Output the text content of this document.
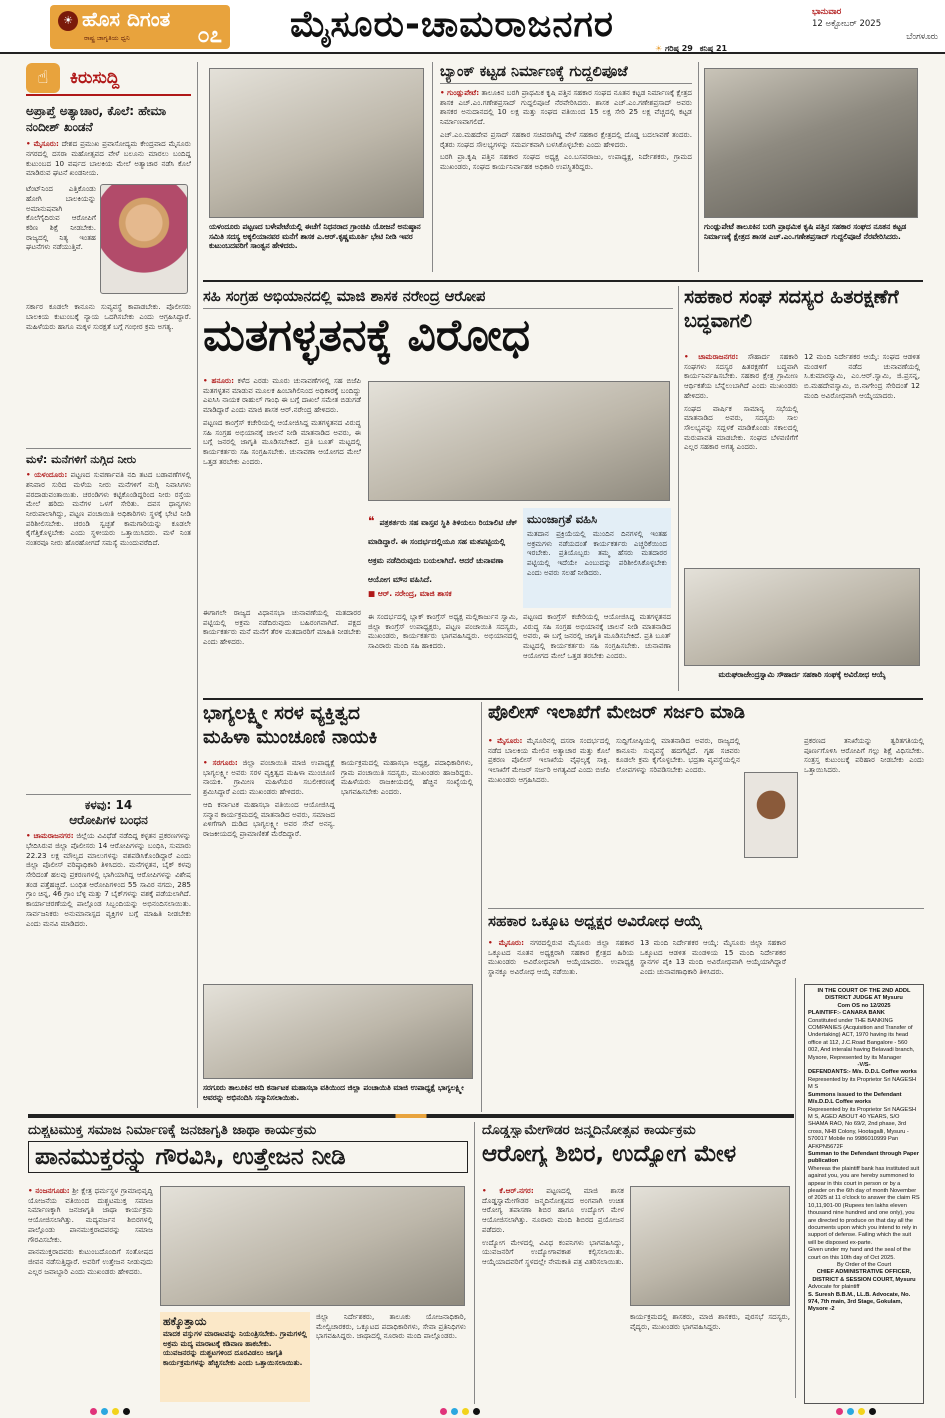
☀ ಹೊಸ ದಿಗಂತ
ರಾಷ್ಟ್ರ ಜಾಗೃತಿಯ ಧ್ವನಿ	೦೭ ಮೈಸೂರು-ಚಾಮರಾಜನಗರ
☀ ಗರಿಷ್ಠ 29 ಕನಿಷ್ಠ 21
ಭಾನುವಾರ
12 ಅಕ್ಟೋಬರ್ 2025
ಬೆಂಗಳೂರು
☝	ಕಿರುಸುದ್ದಿ
ಅಪ್ರಾಪ್ತೆ ಅತ್ಯಾಚಾರ, ಕೊಲೆ: ಹೇಮಾ ನಂದೀಶ್ ಖಂಡನೆ

• ಮೈಸೂರು: ದೇಶದ ಪ್ರಮುಖ ಪ್ರವಾಸೋದ್ಯಮ ಕೇಂದ್ರವಾದ ಮೈಸೂರು ನಗರದಲ್ಲಿ ದಸರಾ ಮಹೋತ್ಸವದ ವೇಳೆ ಬಲೂನು ಮಾರಲು ಬಂದಿದ್ದ ಕುಟುಂಬದ 10 ವರ್ಷದ ಬಾಲಕಿಯ ಮೇಲೆ ಅತ್ಯಾಚಾರ ನಡೆಸಿ ಕೊಲೆ ಮಾಡಿರುವ ಘಟನೆ ಖಂಡನೀಯ.

ಟೆಂಟ್‌ನಿಂದ ಎತ್ತಿಕೊಂಡು ಹೋಗಿ ಬಾಲಕಿಯನ್ನು ಅಮಾನುಷವಾಗಿ ಕೊಲೆಗೈದಿರುವ ಆರೋಪಿಗೆ ಕಠಿಣ ಶಿಕ್ಷೆ ನೀಡಬೇಕು. ರಾಜ್ಯದಲ್ಲಿ ನಿತ್ಯ ಇಂತಹ ಘಟನೆಗಳು ನಡೆಯುತ್ತಿವೆ.
ಸರ್ಕಾರ ಕೂಡಲೇ ಕಾನೂನು ಸುವ್ಯವಸ್ಥೆ ಕಾಪಾಡಬೇಕು. ಪೊಲೀಸರು ಬಾಲಕಿಯ ಕುಟುಂಬಕ್ಕೆ ನ್ಯಾಯ ಒದಗಿಸಬೇಕು ಎಂದು ಆಗ್ರಹಿಸಿದ್ದಾರೆ. ಮಹಿಳೆಯರು ಹಾಗೂ ಮಕ್ಕಳ ಸುರಕ್ಷತೆ ಬಗ್ಗೆ ಗಂಭೀರ ಕ್ರಮ ಅಗತ್ಯ.
ಮಳೆ: ಮನೆಗಳಿಗೆ ನುಗ್ಗಿದ ನೀರು

• ಯಳಂದೂರು: ಪಟ್ಟಣದ ಸುವರ್ಣಾವತಿ ನದಿ ತಟದ ಬಡಾವಣೆಗಳಲ್ಲಿ ಶನಿವಾರ ಸುರಿದ ಮಳೆಯ ನೀರು ಮನೆಗಳಿಗೆ ನುಗ್ಗಿ ನಿವಾಸಿಗಳು ಪರದಾಡುವಂತಾಯಿತು. ಚರಂಡಿಗಳು ಕಟ್ಟಿಕೊಂಡಿದ್ದರಿಂದ ನೀರು ರಸ್ತೆಯ ಮೇಲೆ ಹರಿದು ಮನೆಗಳ ಒಳಗೆ ಸೇರಿತು. ದವಸ ಧಾನ್ಯಗಳು ನೀರುಪಾಲಾಗಿದ್ದು, ಪಟ್ಟಣ ಪಂಚಾಯಿತಿ ಅಧಿಕಾರಿಗಳು ಸ್ಥಳಕ್ಕೆ ಭೇಟಿ ನೀಡಿ ಪರಿಶೀಲಿಸಬೇಕು. ಚರಂಡಿ ಸ್ವಚ್ಛತೆ ಕಾಮಗಾರಿಯನ್ನು ಕೂಡಲೇ ಕೈಗೆತ್ತಿಕೊಳ್ಳಬೇಕು ಎಂದು ಸ್ಥಳೀಯರು ಒತ್ತಾಯಿಸಿದರು. ಮಳೆ ನಿಂತ ನಂತರವೂ ನೀರು ಹೊರಹೋಗದೆ ಸಮಸ್ಯೆ ಮುಂದುವರೆದಿದೆ.

ಕಳವು: 14
ಆರೋಪಿಗಳ ಬಂಧನ

• ಚಾಮರಾಜನಗರ: ಜಿಲ್ಲೆಯ ವಿವಿಧೆಡೆ ನಡೆದಿದ್ದ ಕಳ್ಳತನ ಪ್ರಕರಣಗಳನ್ನು ಭೇದಿಸಿರುವ ಜಿಲ್ಲಾ ಪೊಲೀಸರು 14 ಆರೋಪಿಗಳನ್ನು ಬಂಧಿಸಿ, ಸುಮಾರು 22.23 ಲಕ್ಷ ಮೌಲ್ಯದ ಮಾಲುಗಳನ್ನು ವಶಪಡಿಸಿಕೊಂಡಿದ್ದಾರೆ ಎಂದು ಜಿಲ್ಲಾ ಪೊಲೀಸ್ ವರಿಷ್ಠಾಧಿಕಾರಿ ತಿಳಿಸಿದರು. ಮನೆಗಳ್ಳತನ, ಬೈಕ್ ಕಳವು ಸೇರಿದಂತೆ ಹಲವು ಪ್ರಕರಣಗಳಲ್ಲಿ ಭಾಗಿಯಾಗಿದ್ದ ಆರೋಪಿಗಳನ್ನು ವಿಶೇಷ ತಂಡ ಪತ್ತೆಹಚ್ಚಿದೆ. ಬಂಧಿತ ಆರೋಪಿಗಳಿಂದ 55 ಸಾವಿರ ನಗದು, 285 ಗ್ರಾಂ ಚಿನ್ನ, 46 ಗ್ರಾಂ ಬೆಳ್ಳಿ ಮತ್ತು 7 ಬೈಕ್‌ಗಳನ್ನು ವಶಕ್ಕೆ ಪಡೆಯಲಾಗಿದೆ. ಕಾರ್ಯಾಚರಣೆಯಲ್ಲಿ ಪಾಲ್ಗೊಂಡ ಸಿಬ್ಬಂದಿಯನ್ನು ಅಭಿನಂದಿಸಲಾಯಿತು. ಸಾರ್ವಜನಿಕರು ಅನುಮಾನಾಸ್ಪದ ವ್ಯಕ್ತಿಗಳ ಬಗ್ಗೆ ಮಾಹಿತಿ ನೀಡಬೇಕು ಎಂದು ಮನವಿ ಮಾಡಿದರು.

ಯಳಂದೂರು ಪಟ್ಟಣದ ಬಳೇಪೇಟೆಯಲ್ಲಿ ಈಚೆಗೆ ನಿಧನರಾದ ಗ್ರಾಂಚಿಪಿ ಯೋಜನೆ ಅನುಷ್ಠಾನ ಸಮಿತಿ ಸದಸ್ಯ ಅಕ್ಕಲಿಯಾನವರ ಮನೆಗೆ ಶಾಸಕ ಎ.ಆರ್.ಕೃಷ್ಣಮೂರ್ತಿ ಭೇಟಿ ನೀಡಿ ಇವರ ಕುಟುಂಬದವರಿಗೆ ಸಾಂತ್ವನ ಹೇಳಿದರು.
ಬ್ಯಾಂಕ್ ಕಟ್ಟಡ ನಿರ್ಮಾಣಕ್ಕೆ ಗುದ್ದಲಿಪೂಜೆ

• ಗುಂಡ್ಲುಪೇಟೆ: ತಾಲೂಕಿನ ಬರಗಿ ಪ್ರಾಥಮಿಕ ಕೃಷಿ ಪತ್ತಿನ ಸಹಕಾರ ಸಂಘದ ನೂತನ ಕಟ್ಟಡ ನಿರ್ಮಾಣಕ್ಕೆ ಕ್ಷೇತ್ರದ ಶಾಸಕ ಎಚ್.ಎಂ.ಗಣೇಶಪ್ರಸಾದ್ ಗುದ್ದಲಿಪೂಜೆ ನೆರವೇರಿಸಿದರು. ಶಾಸಕ ಎಚ್.ಎಂ.ಗಣೇಶಪ್ರಸಾದ್ ಅವರು ಶಾಸಕರ ಅನುದಾನದಲ್ಲಿ 10 ಲಕ್ಷ ಮತ್ತು ಸಂಘದ ವತಿಯಿಂದ 15 ಲಕ್ಷ ಸೇರಿ 25 ಲಕ್ಷ ವೆಚ್ಚದಲ್ಲಿ ಕಟ್ಟಡ ನಿರ್ಮಾಣವಾಗಲಿದೆ.

ಎಚ್.ಎಂ.ಮಹದೇವ ಪ್ರಸಾದ್ ಸಹಕಾರ ಸಚಿವರಾಗಿದ್ದ ವೇಳೆ ಸಹಕಾರ ಕ್ಷೇತ್ರದಲ್ಲಿ ದೊಡ್ಡ ಬದಲಾವಣೆ ತಂದರು. ರೈತರು ಸಂಘದ ಸೌಲಭ್ಯಗಳನ್ನು ಸಮರ್ಪಕವಾಗಿ ಬಳಸಿಕೊಳ್ಳಬೇಕು ಎಂದು ಹೇಳಿದರು.

ಬರಗಿ ಪ್ರಾ.ಕೃಷಿ ಪತ್ತಿನ ಸಹಕಾರ ಸಂಘದ ಅಧ್ಯಕ್ಷ ಎಂ.ಬಸವರಾಜು, ಉಪಾಧ್ಯಕ್ಷ, ನಿರ್ದೇಶಕರು, ಗ್ರಾಮದ ಮುಖಂಡರು, ಸಂಘದ ಕಾರ್ಯನಿರ್ವಾಹಕ ಅಧಿಕಾರಿ ಉಪಸ್ಥಿತರಿದ್ದರು.

ಗುಂಡ್ಲುಪೇಟೆ ತಾಲೂಕಿನ ಬರಗಿ ಪ್ರಾಥಮಿಕ ಕೃಷಿ ಪತ್ತಿನ ಸಹಕಾರ ಸಂಘದ ನೂತನ ಕಟ್ಟಡ ನಿರ್ಮಾಣಕ್ಕೆ ಕ್ಷೇತ್ರದ ಶಾಸಕ ಎಚ್.ಎಂ.ಗಣೇಶಪ್ರಸಾದ್ ಗುದ್ದಲಿಪೂಜೆ ನೆರವೇರಿಸಿದರು.
ಸಹಿ ಸಂಗ್ರಹ ಅಭಿಯಾನದಲ್ಲಿ ಮಾಜಿ ಶಾಸಕ ನರೇಂದ್ರ ಆರೋಪ
ಮತಗಳ್ಳತನಕ್ಕೆ ವಿರೋಧ

• ಹನೂರು: ಕಳೆದ ಎರಡು ಮೂರು ಚುನಾವಣೆಗಳಲ್ಲಿ ಸಹ ಬಿಜೆಪಿ ಮತಗಳ್ಳತನ ಮಾಡುವ ಮೂಲಕ ಹಿಂಬಾಗಿಲಿನಿಂದ ಅಧಿಕಾರಕ್ಕೆ ಬಂದಿದ್ದು ಎಐಸಿಸಿ ನಾಯಕ ರಾಹುಲ್ ಗಾಂಧಿ ಈ ಬಗ್ಗೆ ದಾಖಲೆ ಸಮೇತ ಬಿಡುಗಡೆ ಮಾಡಿದ್ದಾರೆ ಎಂದು ಮಾಜಿ ಶಾಸಕ ಆರ್.ನರೇಂದ್ರ ಹೇಳಿದರು.

ಪಟ್ಟಣದ ಕಾಂಗ್ರೆಸ್ ಕಚೇರಿಯಲ್ಲಿ ಆಯೋಜಿಸಿದ್ದ ಮತಗಳ್ಳತನದ ವಿರುದ್ಧ ಸಹಿ ಸಂಗ್ರಹ ಅಭಿಯಾನಕ್ಕೆ ಚಾಲನೆ ನೀಡಿ ಮಾತನಾಡಿದ ಅವರು, ಈ ಬಗ್ಗೆ ಜನರಲ್ಲಿ ಜಾಗೃತಿ ಮೂಡಿಸಬೇಕಿದೆ. ಪ್ರತಿ ಬೂತ್ ಮಟ್ಟದಲ್ಲಿ ಕಾರ್ಯಕರ್ತರು ಸಹಿ ಸಂಗ್ರಹಿಸಬೇಕು. ಚುನಾವಣಾ ಆಯೋಗದ ಮೇಲೆ ಒತ್ತಡ ತರಬೇಕು ಎಂದರು.

❝ ಪತ್ರಕರ್ತರು ಸಹ ವಾಸ್ತವ ಸ್ಥಿತಿ ತಿಳಿಯಲು ರಿಯಾಲಿಟಿ ಚೆಕ್ ಮಾಡಿದ್ದಾರೆ. ಈ ಸಂದರ್ಭದಲ್ಲಿಯೂ ಸಹ ಮತಪಟ್ಟಿಯಲ್ಲಿ ಅಕ್ರಮ ನಡೆದಿರುವುದು ಬಯಲಾಗಿದೆ. ಆದರೆ ಚುನಾವಣಾ ಆಯೋಗ ಮೌನ ವಹಿಸಿದೆ.
■ ಆರ್. ನರೇಂದ್ರ, ಮಾಜಿ ಶಾಸಕ
ಮುಂಜಾಗ್ರತೆ ವಹಿಸಿ
ಮತದಾನ ಪ್ರಕ್ರಿಯೆಯಲ್ಲಿ ಮುಂದಿನ ದಿನಗಳಲ್ಲಿ ಇಂತಹ ಅಕ್ರಮಗಳು ನಡೆಯದಂತೆ ಕಾರ್ಯಕರ್ತರು ಎಚ್ಚರಿಕೆಯಿಂದ ಇರಬೇಕು. ಪ್ರತಿಯೊಬ್ಬರು ತಮ್ಮ ಹೆಸರು ಮತದಾರರ ಪಟ್ಟಿಯಲ್ಲಿ ಇದೆಯೇ ಎಂಬುದನ್ನು ಪರಿಶೀಲಿಸಿಕೊಳ್ಳಬೇಕು ಎಂದು ಅವರು ಸಲಹೆ ನೀಡಿದರು.
ಈಗಾಗಲೇ ರಾಜ್ಯದ ವಿಧಾನಸಭಾ ಚುನಾವಣೆಯಲ್ಲಿ ಮತದಾರರ ಪಟ್ಟಿಯಲ್ಲಿ ಅಕ್ರಮ ನಡೆದಿರುವುದು ಬಹಿರಂಗವಾಗಿದೆ. ಪಕ್ಷದ ಕಾರ್ಯಕರ್ತರು ಮನೆ ಮನೆಗೆ ತೆರಳಿ ಮತದಾರರಿಗೆ ಮಾಹಿತಿ ನೀಡಬೇಕು ಎಂದು ಹೇಳಿದರು.
ಈ ಸಂದರ್ಭದಲ್ಲಿ ಬ್ಲಾಕ್ ಕಾಂಗ್ರೆಸ್ ಅಧ್ಯಕ್ಷ ಮಲ್ಲಿಕಾರ್ಜುನ ಸ್ವಾಮಿ, ಜಿಲ್ಲಾ ಕಾಂಗ್ರೆಸ್ ಉಪಾಧ್ಯಕ್ಷರು, ಪಟ್ಟಣ ಪಂಚಾಯಿತಿ ಸದಸ್ಯರು, ಮುಖಂಡರು, ಕಾರ್ಯಕರ್ತರು ಭಾಗವಹಿಸಿದ್ದರು. ಅಭಿಯಾನದಲ್ಲಿ ಸಾವಿರಾರು ಮಂದಿ ಸಹಿ ಹಾಕಿದರು.
ಪಟ್ಟಣದ ಕಾಂಗ್ರೆಸ್ ಕಚೇರಿಯಲ್ಲಿ ಆಯೋಜಿಸಿದ್ದ ಮತಗಳ್ಳತನದ ವಿರುದ್ಧ ಸಹಿ ಸಂಗ್ರಹ ಅಭಿಯಾನಕ್ಕೆ ಚಾಲನೆ ನೀಡಿ ಮಾತನಾಡಿದ ಅವರು, ಈ ಬಗ್ಗೆ ಜನರಲ್ಲಿ ಜಾಗೃತಿ ಮೂಡಿಸಬೇಕಿದೆ. ಪ್ರತಿ ಬೂತ್ ಮಟ್ಟದಲ್ಲಿ ಕಾರ್ಯಕರ್ತರು ಸಹಿ ಸಂಗ್ರಹಿಸಬೇಕು. ಚುನಾವಣಾ ಆಯೋಗದ ಮೇಲೆ ಒತ್ತಡ ತರಬೇಕು ಎಂದರು.
ಸಹಕಾರ ಸಂಘ ಸದಸ್ಯರ ಹಿತರಕ್ಷಣೆಗೆ ಬದ್ಧವಾಗಲಿ

• ಚಾಮರಾಜನಗರ: ಸೌಹಾರ್ದ ಸಹಕಾರಿ ಸಂಘಗಳು ಸದಸ್ಯರ ಹಿತರಕ್ಷಣೆಗೆ ಬದ್ಧವಾಗಿ ಕಾರ್ಯನಿರ್ವಹಿಸಬೇಕು. ಸಹಕಾರ ಕ್ಷೇತ್ರ ಗ್ರಾಮೀಣ ಆರ್ಥಿಕತೆಯ ಬೆನ್ನೆಲುಬಾಗಿದೆ ಎಂದು ಮುಖಂಡರು ಹೇಳಿದರು.

ಸಂಘದ ವಾರ್ಷಿಕ ಸಾಮಾನ್ಯ ಸಭೆಯಲ್ಲಿ ಮಾತನಾಡಿದ ಅವರು, ಸದಸ್ಯರು ಸಾಲ ಸೌಲಭ್ಯವನ್ನು ಸದ್ಬಳಕೆ ಮಾಡಿಕೊಂಡು ಸಕಾಲದಲ್ಲಿ ಮರುಪಾವತಿ ಮಾಡಬೇಕು. ಸಂಘದ ಬೆಳವಣಿಗೆಗೆ ಎಲ್ಲರ ಸಹಕಾರ ಅಗತ್ಯ ಎಂದರು.

12 ಮಂದಿ ನಿರ್ದೇಶಕರ ಆಯ್ಕೆ: ಸಂಘದ ಆಡಳಿತ ಮಂಡಳಿಗೆ ನಡೆದ ಚುನಾವಣೆಯಲ್ಲಿ ಸಿ.ಕುಮಾರಸ್ವಾಮಿ, ಎಂ.ಆರ್.ಸ್ವಾಮಿ, ಜಿ.ಪ್ರಸನ್ನ, ಬಿ.ಮಹದೇವಸ್ವಾಮಿ, ಬಿ.ನಾಗೇಂದ್ರ ಸೇರಿದಂತೆ 12 ಮಂದಿ ಅವಿರೋಧವಾಗಿ ಆಯ್ಕೆಯಾದರು.
ಮರುಘರಾಜೇಂದ್ರಸ್ವಾಮಿ ಸೌಹಾರ್ದ ಸಹಕಾರಿ ಸಂಘಕ್ಕೆ ಅವಿರೋಧ ಆಯ್ಕೆ
ಭಾಗ್ಯಲಕ್ಷ್ಮೀ ಸರಳ ವ್ಯಕ್ತಿತ್ವದ
ಮಹಿಳಾ ಮುಂಚೂಣಿ ನಾಯಕಿ

• ಸರಗೂರು: ಜಿಲ್ಲಾ ಪಂಚಾಯಿತಿ ಮಾಜಿ ಉಪಾಧ್ಯಕ್ಷೆ ಭಾಗ್ಯಲಕ್ಷ್ಮೀ ಅವರು ಸರಳ ವ್ಯಕ್ತಿತ್ವದ ಮಹಿಳಾ ಮುಂಚೂಣಿ ನಾಯಕಿ. ಗ್ರಾಮೀಣ ಮಹಿಳೆಯರ ಸಬಲೀಕರಣಕ್ಕೆ ಶ್ರಮಿಸಿದ್ದಾರೆ ಎಂದು ಮುಖಂಡರು ಹೇಳಿದರು.

ಆದಿ ಕರ್ನಾಟಕ ಮಹಾಸಭಾ ವತಿಯಿಂದ ಆಯೋಜಿಸಿದ್ದ ಸನ್ಮಾನ ಕಾರ್ಯಕ್ರಮದಲ್ಲಿ ಮಾತನಾಡಿದ ಅವರು, ಸಮಾಜದ ಏಳಿಗೆಗಾಗಿ ದುಡಿದ ಭಾಗ್ಯಲಕ್ಷ್ಮೀ ಅವರ ಸೇವೆ ಅನನ್ಯ. ರಾಜಕೀಯದಲ್ಲಿ ಪ್ರಾಮಾಣಿಕತೆ ಮೆರೆದಿದ್ದಾರೆ.

ಕಾರ್ಯಕ್ರಮದಲ್ಲಿ ಮಹಾಸಭಾ ಅಧ್ಯಕ್ಷ, ಪದಾಧಿಕಾರಿಗಳು, ಗ್ರಾಮ ಪಂಚಾಯಿತಿ ಸದಸ್ಯರು, ಮುಖಂಡರು ಹಾಜರಿದ್ದರು. ಮಹಿಳೆಯರು ರಾಜಕೀಯದಲ್ಲಿ ಹೆಚ್ಚಿನ ಸಂಖ್ಯೆಯಲ್ಲಿ ಭಾಗವಹಿಸಬೇಕು ಎಂದರು.
ಸರಗೂರು ತಾಲೂಕಿನ ಆದಿ ಕರ್ನಾಟಕ ಮಹಾಸಭಾ ವತಿಯಿಂದ ಜಿಲ್ಲಾ ಪಂಚಾಯಿತಿ ಮಾಜಿ ಉಪಾಧ್ಯಕ್ಷೆ ಭಾಗ್ಯಲಕ್ಷ್ಮೀ ಅವರನ್ನು ಅಭಿನಂದಿಸಿ ಸನ್ಮಾನಿಸಲಾಯಿತು.
ಪೊಲೀಸ್ ಇಲಾಖೆಗೆ ಮೇಜರ್ ಸರ್ಜರಿ ಮಾಡಿ

• ಮೈಸೂರು: ಮೈಸೂರಿನಲ್ಲಿ ದಸರಾ ಸಂದರ್ಭದಲ್ಲಿ ನಡೆದ ಬಾಲಕಿಯ ಮೇಲಿನ ಅತ್ಯಾಚಾರ ಮತ್ತು ಕೊಲೆ ಪ್ರಕರಣ ಪೊಲೀಸ್ ಇಲಾಖೆಯ ವೈಫಲ್ಯಕ್ಕೆ ಸಾಕ್ಷಿ. ಇಲಾಖೆಗೆ ಮೇಜರ್ ಸರ್ಜರಿ ಅಗತ್ಯವಿದೆ ಎಂದು ಬಿಜೆಪಿ ಮುಖಂಡರು ಆಗ್ರಹಿಸಿದರು.

ಸುದ್ದಿಗೋಷ್ಠಿಯಲ್ಲಿ ಮಾತನಾಡಿದ ಅವರು, ರಾಜ್ಯದಲ್ಲಿ ಕಾನೂನು ಸುವ್ಯವಸ್ಥೆ ಹದಗೆಟ್ಟಿದೆ. ಗೃಹ ಸಚಿವರು ಕೂಡಲೇ ಕ್ರಮ ಕೈಗೊಳ್ಳಬೇಕು. ಭದ್ರತಾ ವ್ಯವಸ್ಥೆಯಲ್ಲಿನ ಲೋಪಗಳನ್ನು ಸರಿಪಡಿಸಬೇಕು ಎಂದರು.
ಪ್ರಕರಣದ ತನಿಖೆಯನ್ನು ತ್ವರಿತಗತಿಯಲ್ಲಿ ಪೂರ್ಣಗೊಳಿಸಿ ಆರೋಪಿಗೆ ಗಲ್ಲು ಶಿಕ್ಷೆ ವಿಧಿಸಬೇಕು. ಸಂತ್ರಸ್ತ ಕುಟುಂಬಕ್ಕೆ ಪರಿಹಾರ ನೀಡಬೇಕು ಎಂದು ಒತ್ತಾಯಿಸಿದರು.
ಸಹಕಾರ ಒಕ್ಕೂಟ ಅಧ್ಯಕ್ಷರ ಅವಿರೋಧ ಆಯ್ಕೆ

• ಮೈಸೂರು: ನಗರದಲ್ಲಿರುವ ಮೈಸೂರು ಜಿಲ್ಲಾ ಸಹಕಾರ ಒಕ್ಕೂಟದ ನೂತನ ಅಧ್ಯಕ್ಷರಾಗಿ ಸಹಕಾರ ಕ್ಷೇತ್ರದ ಹಿರಿಯ ಮುಖಂಡರು ಅವಿರೋಧವಾಗಿ ಆಯ್ಕೆಯಾದರು. ಉಪಾಧ್ಯಕ್ಷ ಸ್ಥಾನಕ್ಕೂ ಅವಿರೋಧ ಆಯ್ಕೆ ನಡೆಯಿತು.

13 ಮಂದಿ ನಿರ್ದೇಶಕರ ಆಯ್ಕೆ: ಮೈಸೂರು ಜಿಲ್ಲಾ ಸಹಕಾರ ಒಕ್ಕೂಟದ ಆಡಳಿತ ಮಂಡಳಿಯ 15 ಮಂದಿ ನಿರ್ದೇಶಕರ ಸ್ಥಾನಗಳ ಪೈಕಿ 13 ಮಂದಿ ಅವಿರೋಧವಾಗಿ ಆಯ್ಕೆಯಾಗಿದ್ದಾರೆ ಎಂದು ಚುನಾವಣಾಧಿಕಾರಿ ತಿಳಿಸಿದರು.
IN THE COURT OF THE 2ND ADDL DISTRICT JUDGE AT Mysuru
Com OS no 12/2025
PLAINTIFF:- CANARA BANK
Constituted under THE BANKING COMPANIES (Acquisition and Transfer of Undertaking) ACT, 1970 having its head office at 112, J.C.Road Bangalore - 560 002, And interalai having Belavadi branch, Mysore, Represented by its Manager
-V/S-
DEFENDANTS:- M/s. D.D.L Coffee works
Represented by its Proprietor Sri NAGESH M S
Summons issued to the Defendant M/s.D.D.L Coffee works
Represented by its Proprietor Sri NAGESH M S, AGED ABOUT 40 YEARS, S/O SHAMA RAO, No 69/2, 2nd phase, 3rd cross, NH8 Colony, Hootagalli, Mysuru - 570017 Mobile no 9986010999 Pan AFKPN5672F
Summan to the Defendant through Paper publication
Whereas the plaintiff bank has instituted suit against you, you are hereby summoned to appear in this court in person or by a pleader on the 6th day of month November of 2025 at 11 o'clock to answer the claim RS 10,11,901-00 (Rupees ten lakhs eleven thousand nine hundred and one only), you are directed to produce on that day all the documents upon which you intend to rely in support of defense. Failing which the suit will be disposed ex-parte.
Given under my hand and the seal of the court on this 10th day of Oct 2025.
By Order of the Court
CHIEF ADMINISTRATIVE OFFICER, DISTRICT & SESSION COURT, Mysuru
Advocate for plaintiff
S. Suresh B.B.M., LL.B. Advocate, No. 974, 7th main, 3rd Stage, Gokulam, Mysore -2
ದುಶ್ಚಟಮುಕ್ತ ಸಮಾಜ ನಿರ್ಮಾಣಕ್ಕೆ ಜನಜಾಗೃತಿ ಜಾಥಾ ಕಾರ್ಯಕ್ರಮ
ಪಾನಮುಕ್ತರನ್ನು ಗೌರವಿಸಿ, ಉತ್ತೇಜನ ನೀಡಿ

• ನಂಜನಗೂಡು: ಶ್ರೀ ಕ್ಷೇತ್ರ ಧರ್ಮಸ್ಥಳ ಗ್ರಾಮಾಭಿವೃದ್ಧಿ ಯೋಜನೆಯ ವತಿಯಿಂದ ದುಶ್ಚಟಮುಕ್ತ ಸಮಾಜ ನಿರ್ಮಾಣಕ್ಕಾಗಿ ಜನಜಾಗೃತಿ ಜಾಥಾ ಕಾರ್ಯಕ್ರಮ ಆಯೋಜಿಸಲಾಗಿತ್ತು. ಮದ್ಯವರ್ಜನ ಶಿಬಿರಗಳಲ್ಲಿ ಪಾಲ್ಗೊಂಡು ಪಾನಮುಕ್ತರಾದವರನ್ನು ಸಮಾಜ ಗೌರವಿಸಬೇಕು.

ಪಾನಮುಕ್ತರಾದವರು ಕುಟುಂಬದೊಂದಿಗೆ ಸಂತೋಷದ ಜೀವನ ನಡೆಸುತ್ತಿದ್ದಾರೆ. ಅವರಿಗೆ ಉತ್ತೇಜನ ನೀಡುವುದು ಎಲ್ಲರ ಜವಾಬ್ದಾರಿ ಎಂದು ಮುಖಂಡರು ಹೇಳಿದರು.

ಹಕ್ಕೊತ್ತಾಯ
ಮಾದಕ ವಸ್ತುಗಳ ಮಾರಾಟವನ್ನು ನಿಯಂತ್ರಿಸಬೇಕು. ಗ್ರಾಮಗಳಲ್ಲಿ ಅಕ್ರಮ ಮದ್ಯ ಮಾರಾಟಕ್ಕೆ ಕಡಿವಾಣ ಹಾಕಬೇಕು. ಯುವಜನರನ್ನು ದುಶ್ಚಟಗಳಿಂದ ದೂರವಿಡಲು ಜಾಗೃತಿ ಕಾರ್ಯಕ್ರಮಗಳನ್ನು ಹೆಚ್ಚಿಸಬೇಕು ಎಂದು ಒತ್ತಾಯಿಸಲಾಯಿತು.
ಜಿಲ್ಲಾ ನಿರ್ದೇಶಕರು, ತಾಲೂಕು ಯೋಜನಾಧಿಕಾರಿ, ಮೇಲ್ವಿಚಾರಕರು, ಒಕ್ಕೂಟದ ಪದಾಧಿಕಾರಿಗಳು, ಸೇವಾ ಪ್ರತಿನಿಧಿಗಳು ಭಾಗವಹಿಸಿದ್ದರು. ಜಾಥಾದಲ್ಲಿ ನೂರಾರು ಮಂದಿ ಪಾಲ್ಗೊಂಡರು.
ದೊಡ್ಡಸ್ವಾಮೇಗೌಡರ ಜನ್ಮದಿನೋತ್ಸವ ಕಾರ್ಯಕ್ರಮ
ಆರೋಗ್ಯ ಶಿಬಿರ, ಉದ್ಯೋಗ ಮೇಳ

• ಕೆ.ಆರ್.ನಗರ: ಪಟ್ಟಣದಲ್ಲಿ ಮಾಜಿ ಶಾಸಕ ದೊಡ್ಡಸ್ವಾಮೇಗೌಡರ ಜನ್ಮದಿನೋತ್ಸವದ ಅಂಗವಾಗಿ ಉಚಿತ ಆರೋಗ್ಯ ತಪಾಸಣಾ ಶಿಬಿರ ಹಾಗೂ ಉದ್ಯೋಗ ಮೇಳ ಆಯೋಜಿಸಲಾಗಿತ್ತು. ನೂರಾರು ಮಂದಿ ಶಿಬಿರದ ಪ್ರಯೋಜನ ಪಡೆದರು.

ಉದ್ಯೋಗ ಮೇಳದಲ್ಲಿ ವಿವಿಧ ಕಂಪನಿಗಳು ಭಾಗವಹಿಸಿದ್ದು, ಯುವಜನರಿಗೆ ಉದ್ಯೋಗಾವಕಾಶ ಕಲ್ಪಿಸಲಾಯಿತು. ಆಯ್ಕೆಯಾದವರಿಗೆ ಸ್ಥಳದಲ್ಲೇ ನೇಮಕಾತಿ ಪತ್ರ ವಿತರಿಸಲಾಯಿತು.

ಕಾರ್ಯಕ್ರಮದಲ್ಲಿ ಶಾಸಕರು, ಮಾಜಿ ಶಾಸಕರು, ಪುರಸಭೆ ಸದಸ್ಯರು, ವೈದ್ಯರು, ಮುಖಂಡರು ಭಾಗವಹಿಸಿದ್ದರು.
